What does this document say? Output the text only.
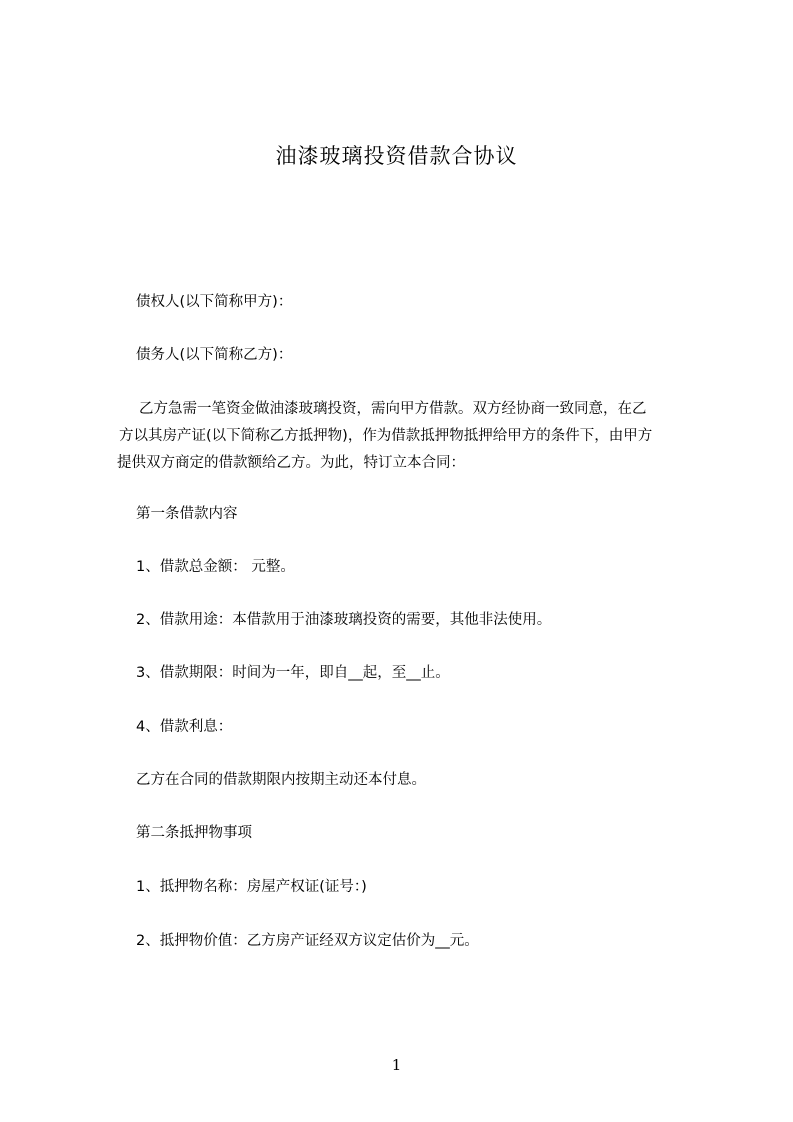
油漆玻璃投资借款合协议
债权人(以下简称甲方)：
债务人(以下简称乙方)：
乙方急需一笔资金做油漆玻璃投资，需向甲方借款。双方经协商一致同意，在乙
方以其房产证(以下简称乙方抵押物)，作为借款抵押物抵押给甲方的条件下，由甲方
提供双方商定的借款额给乙方。为此，特订立本合同：
第一条借款内容
1、借款总金额： 元整。
2、借款用途：本借款用于油漆玻璃投资的需要，其他非法使用。
3、借款期限：时间为一年，即自__起，至__止。
4、借款利息：
乙方在合同的借款期限内按期主动还本付息。
第二条抵押物事项
1、抵押物名称：房屋产权证(证号：)
2、抵押物价值：乙方房产证经双方议定估价为__元。
1
